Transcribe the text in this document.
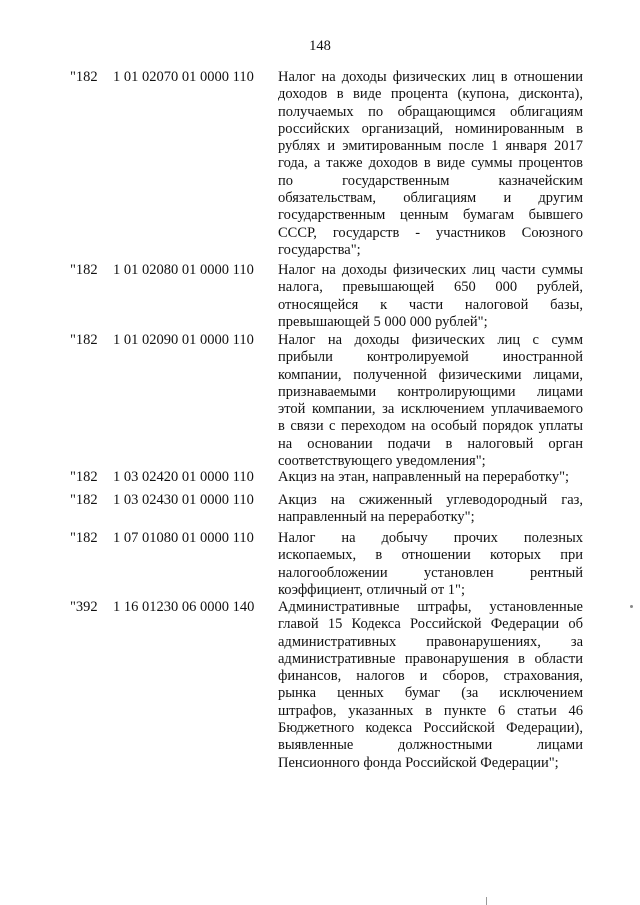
148
"182 1 01 02070 01 0000 110 Налог на доходы физических лиц в отношении
доходов в виде процента (купона, дисконта),
получаемых по обращающимся облигациям
российских организаций, номинированным в
рублях и эмитированным после 1 января 2017
года, а также доходов в виде суммы процентов
по государственным казначейским
обязательствам, облигациям и другим
государственным ценным бумагам бывшего
СССР, государств - участников Союзного
государства";
"182 1 01 02080 01 0000 110 Налог на доходы физических лиц части суммы
налога, превышающей 650 000 рублей,
относящейся к части налоговой базы,
превышающей 5 000 000 рублей";
"182 1 01 02090 01 0000 110 Налог на доходы физических лиц с сумм
прибыли контролируемой иностранной
компании, полученной физическими лицами,
признаваемыми контролирующими лицами
этой компании, за исключением уплачиваемого
в связи с переходом на особый порядок уплаты
на основании подачи в налоговый орган
соответствующего уведомления";
"182 1 03 02420 01 0000 110 Акциз на этан, направленный на переработку";
"182 1 03 02430 01 0000 110 Акциз на сжиженный углеводородный газ,
направленный на переработку";
"182 1 07 01080 01 0000 110 Налог на добычу прочих полезных
ископаемых, в отношении которых при
налогообложении установлен рентный
коэффициент, отличный от 1";
"392 1 16 01230 06 0000 140 Административные штрафы, установленные
главой 15 Кодекса Российской Федерации об
административных правонарушениях, за
административные правонарушения в области
финансов, налогов и сборов, страхования,
рынка ценных бумаг (за исключением
штрафов, указанных в пункте 6 статьи 46
Бюджетного кодекса Российской Федерации),
выявленные должностными лицами
Пенсионного фонда Российской Федерации";
